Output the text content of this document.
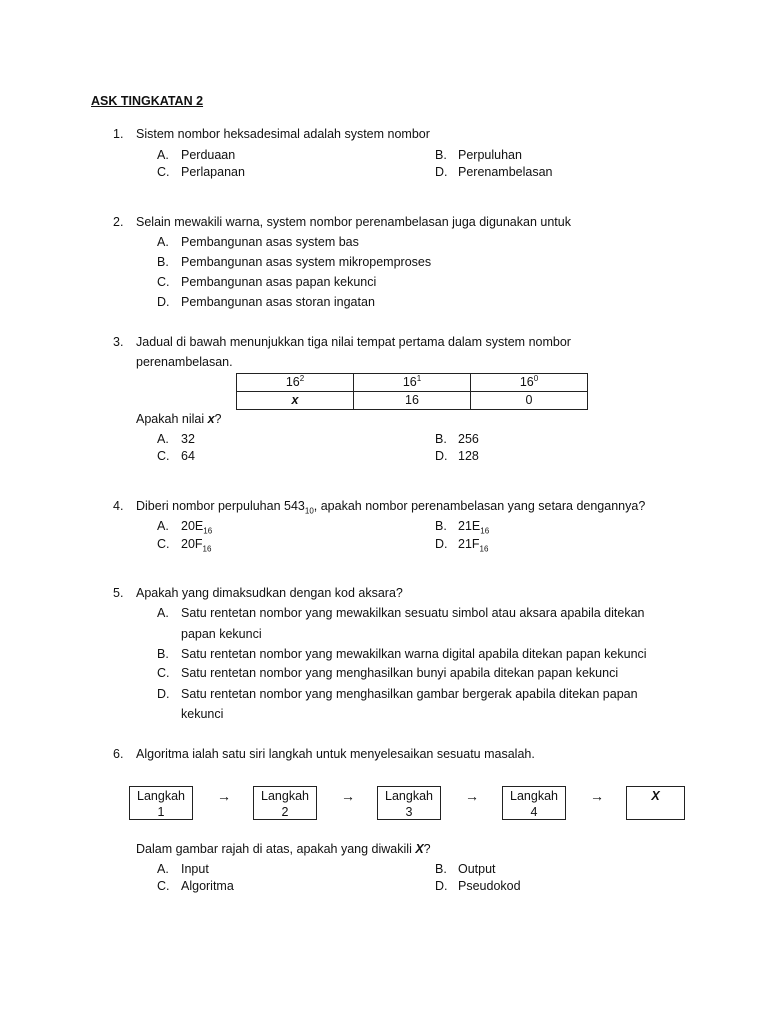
ASK TINGKATAN 2
1. Sistem nombor heksadesimal adalah system nombor
A. Perduaan	B. Perpuluhan
C. Perlapanan	D. Perenambelasan
2. Selain mewakili warna, system nombor perenambelasan juga digunakan untuk
A. Pembangunan asas system bas
B. Pembangunan asas system mikropemproses
C. Pembangunan asas papan kekunci
D. Pembangunan asas storan ingatan
3. Jadual di bawah menunjukkan tiga nilai tempat pertama dalam system nombor
perenambelasan.
$16^2$	$16^1$	$16^0$
x	16	0
Apakah nilai x?
A. 32	B. 256
C. 64	D. 128
4. Diberi nombor perpuluhan $543_{10}$, apakah nombor perenambelasan yang setara dengannya?
A. $20E_{16}$	B. $21E_{16}$
C. $20F_{16}$	D. $21F_{16}$
5. Apakah yang dimaksudkan dengan kod aksara?
A. Satu rentetan nombor yang mewakilkan sesuatu simbol atau aksara apabila ditekan
papan kekunci
B. Satu rentetan nombor yang mewakilkan warna digital apabila ditekan papan kekunci
C. Satu rentetan nombor yang menghasilkan bunyi apabila ditekan papan kekunci
D. Satu rentetan nombor yang menghasilkan gambar bergerak apabila ditekan papan
kekunci
6. Algoritma ialah satu siri langkah untuk menyelesaikan sesuatu masalah.
Langkah
1
→	Langkah
2
→	Langkah
3
→	Langkah
4
→	X
Dalam gambar rajah di atas, apakah yang diwakili X?
A. Input	B. Output
C. Algoritma	D. Pseudokod
